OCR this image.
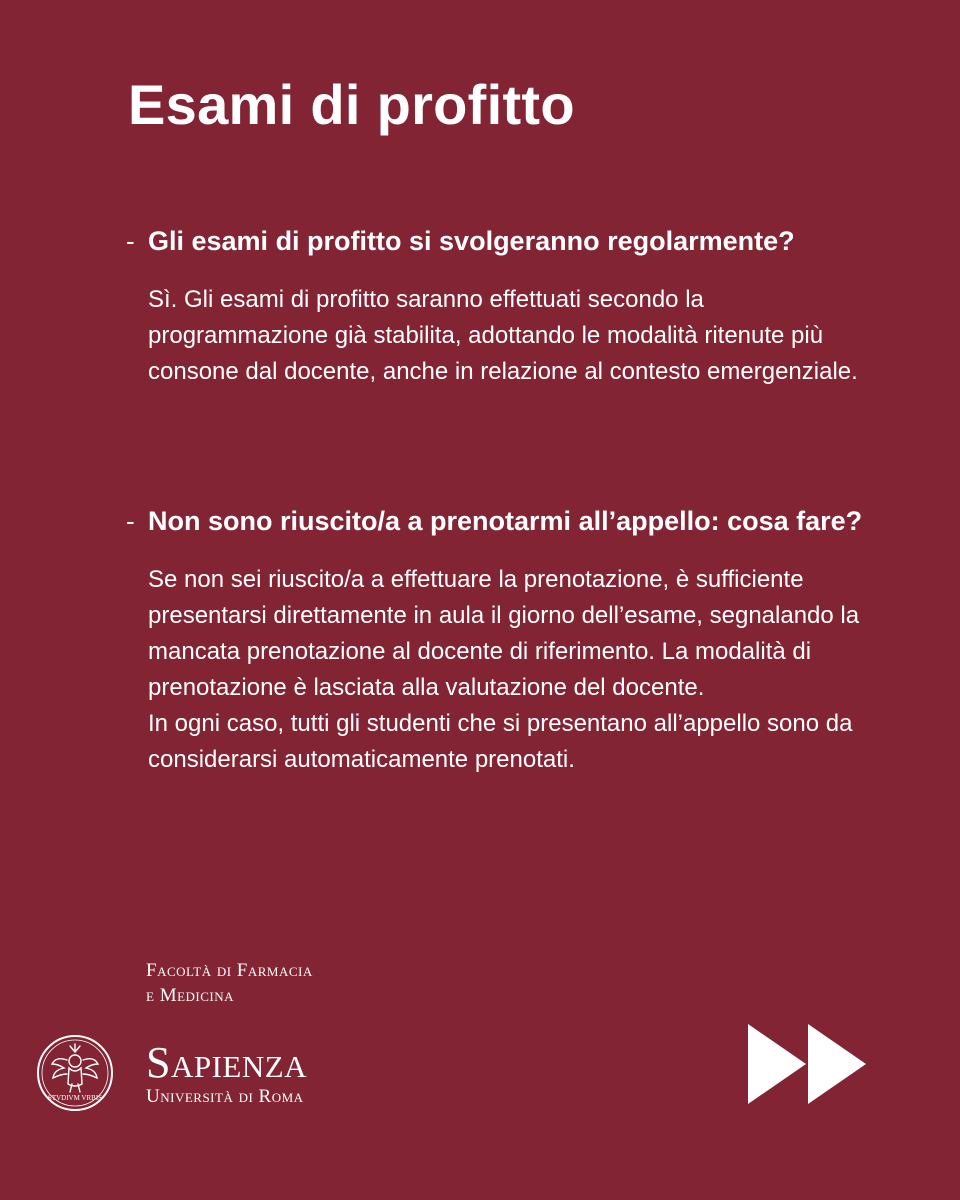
Esami di profitto
- Gli esami di profitto si svolgeranno regolarmente?

Sì. Gli esami di profitto saranno effettuati secondo la programmazione già stabilita, adottando le modalità ritenute più consone dal docente, anche in relazione al contesto emergenziale.

- Non sono riuscito/a a prenotarmi all’appello: cosa fare?

Se non sei riuscito/a a effettuare la prenotazione, è sufficiente presentarsi direttamente in aula il giorno dell’esame, segnalando la mancata prenotazione al docente di riferimento. La modalità di prenotazione è lasciata alla valutazione del docente.

In ogni caso, tutti gli studenti che si presentano all’appello sono da considerarsi automaticamente prenotati.

Facoltà di Farmacia
e Medicina
STVDIVM VRBIS
Sapienza
Università di Roma
